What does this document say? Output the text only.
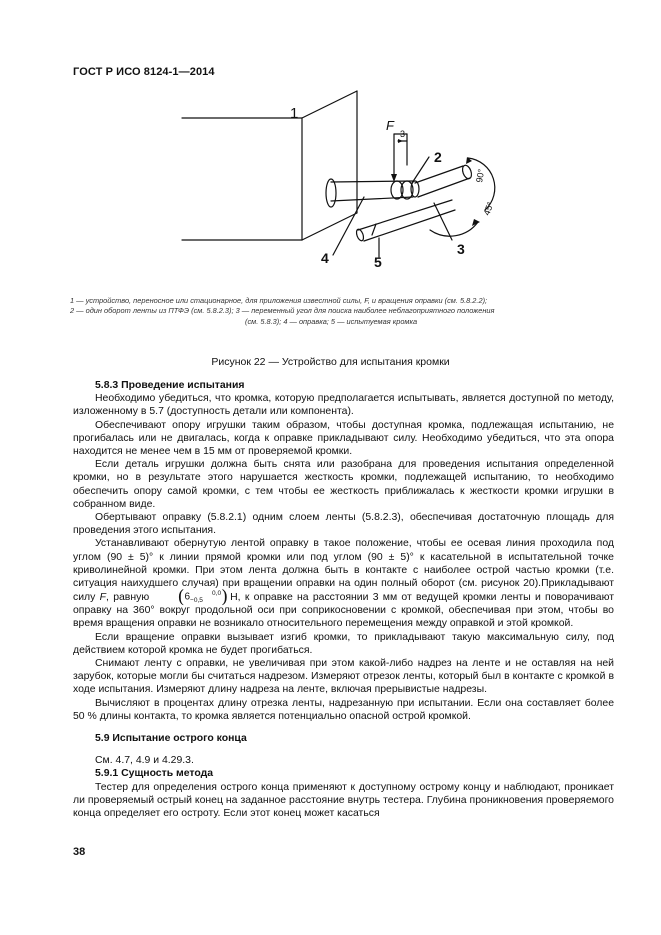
ГОСТ Р ИСО 8124-1—2014
1
2
3
4	5
F
3
90°
45°
1 — устройство, переносное или стационарное, для приложения известной силы, F, и вращения оправки (см. 5.8.2.2);
2 — один оборот ленты из ПТФЭ (см. 5.8.2.3); 3 — переменный угол для поиска наиболее неблагоприятного положения
(см. 5.8.3); 4 — оправка; 5 — испытуемая кромка
Рисунок 22 — Устройство для испытания кромки

5.8.3 Проведение испытания

Необходимо убедиться, что кромка, которую предполагается испытывать, является доступной по методу, изложенному в 5.7 (доступность детали или компонента).

Обеспечивают опору игрушки таким образом, чтобы доступная кромка, подлежащая испытанию, не прогибалась или не двигалась, когда к оправке прикладывают силу. Необходимо убедиться, что эта опора находится не менее чем в 15 мм от проверяемой кромки.

Если деталь игрушки должна быть снята или разобрана для проведения испытания определенной кромки, но в результате этого нарушается жесткость кромки, подлежащей испытанию, то необходимо обеспечить опору самой кромки, с тем чтобы ее жесткость приближалась к жесткости кромки игрушки в собранном виде.

Обертывают оправку (5.8.2.1) одним слоем ленты (5.8.2.3), обеспечивая достаточную площадь для проведения этого испытания.

Устанавливают обернутую лентой оправку в такое положение, чтобы ее осевая линия проходила под углом (90 ± 5)° к линии прямой кромки или под углом (90 ± 5)° к касательной в испытательной точке криволинейной кромки. При этом лента должна быть в контакте с наиболее острой частью кромки (т.е. ситуация наихудшего случая) при вращении оправки на один полный оборот (см. рисунок 20).Прикладывают силу F, равную (6	0,0
−0,5 ) Н, к оправке на расстоянии 3 мм от ведущей кромки ленты и поворачивают оправку на 360° вокруг продольной оси при соприкосновении с кромкой, обеспечивая при этом, чтобы во время вращения оправки не возникало относительного перемещения между оправкой и этой кромкой.

Если вращение оправки вызывает изгиб кромки, то прикладывают такую максимальную силу, под действием которой кромка не будет прогибаться.

Снимают ленту с оправки, не увеличивая при этом какой-либо надрез на ленте и не оставляя на ней зарубок, которые могли бы считаться надрезом. Измеряют отрезок ленты, который был в контакте с кромкой в ходе испытания. Измеряют длину надреза на ленте, включая прерывистые надрезы.

Вычисляют в процентах длину отрезка ленты, надрезанную при испытании. Если она составляет более 50 % длины контакта, то кромка является потенциально опасной острой кромкой.

5.9 Испытание острого конца

См. 4.7, 4.9 и 4.29.3.

5.9.1 Сущность метода

Тестер для определения острого конца применяют к доступному острому концу и наблюдают, проникает ли проверяемый острый конец на заданное расстояние внутрь тестера. Глубина проникновения проверяемого конца определяет его остроту. Если этот конец может касаться

38
